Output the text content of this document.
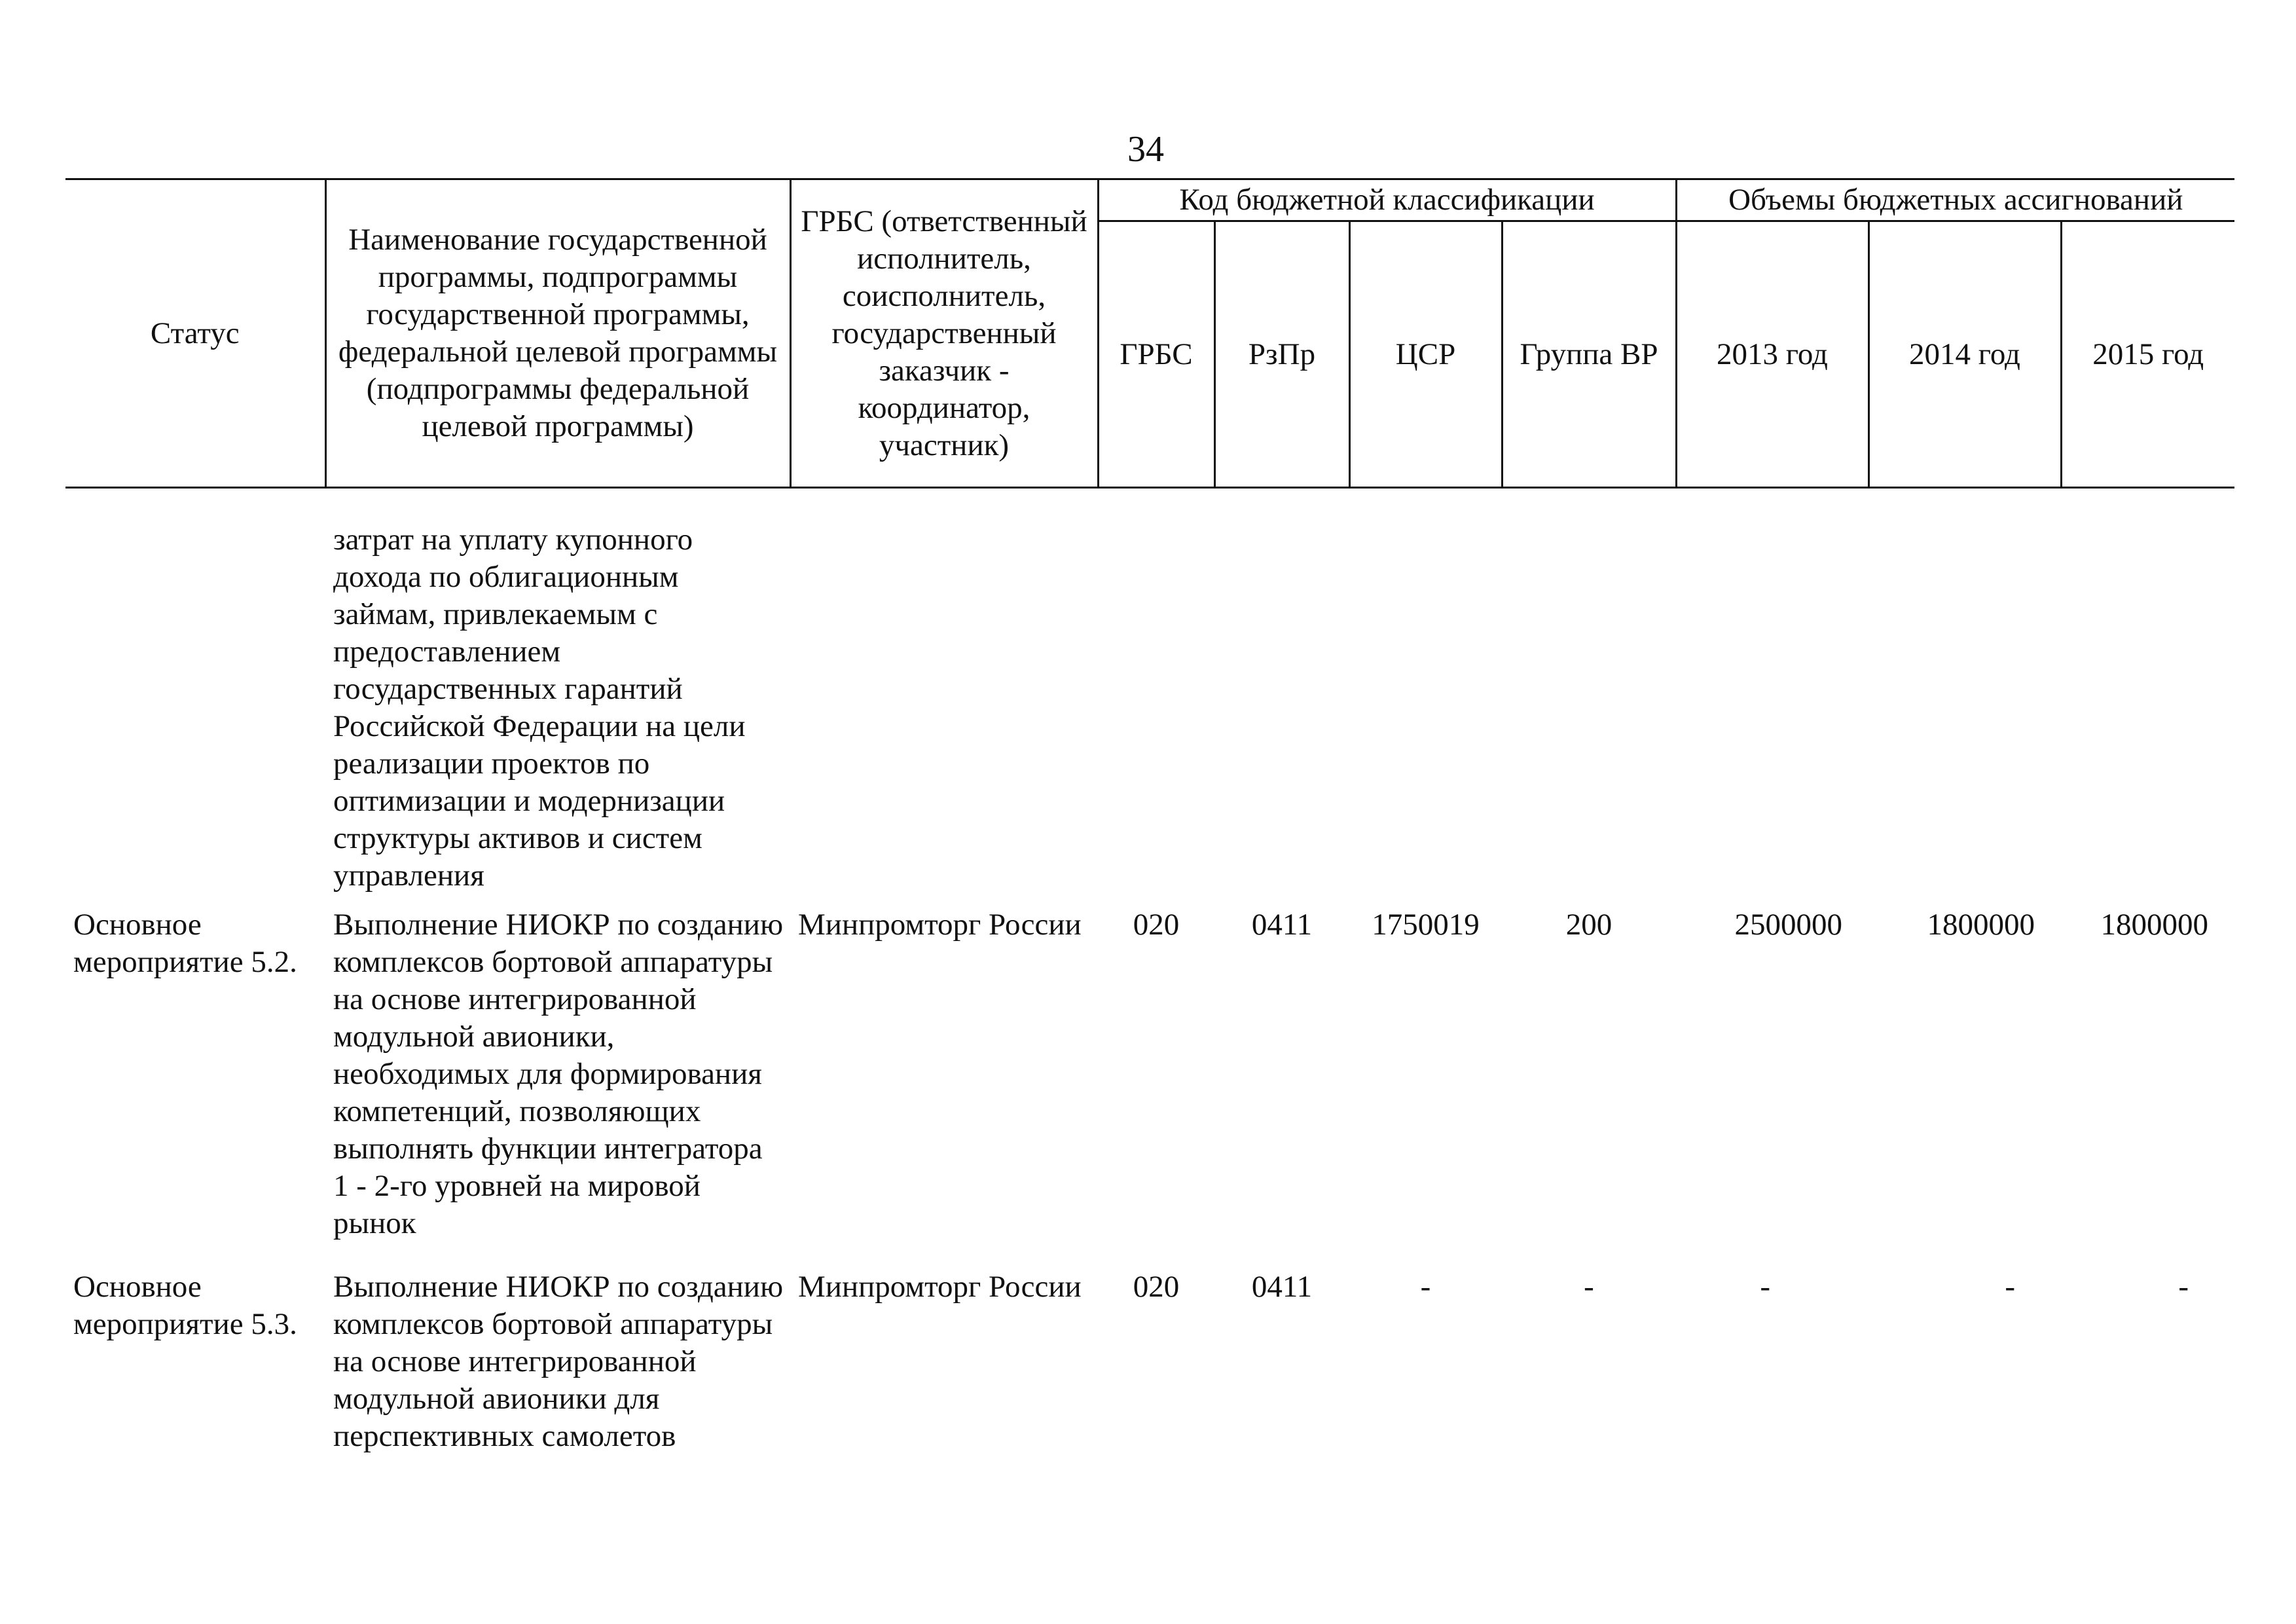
34
Статус	Наименование государственной программы, подпрограммы государственной программы, федеральной целевой программы (подпрограммы федеральной целевой программы)	ГРБС (ответственный исполнитель, соисполнитель, государственный заказчик - координатор, участник)	Код бюджетной классификации				Объемы бюджетных ассигнований		
			ГРБС	РзПр	ЦСР	Группа ВР	2013 год	2014 год	2015 год
	затрат на уплату купонного дохода по облигационным займам, привлекаемым с предоставлением государственных гарантий Российской Федерации на цели реализации проектов по оптимизации и модернизации структуры активов и систем управления								
Основное мероприятие 5.2.	Выполнение НИОКР по созданию комплексов бортовой аппаратуры на основе интегрированной модульной авионики, необходимых для формирования компетенций, позволяющих выполнять функции интегратора 1 - 2-го уровней на мировой рынок	Минпромторг России	020	0411	1750019	200	2500000	1800000	1800000
Основное мероприятие 5.3.	Выполнение НИОКР по созданию комплексов бортовой аппаратуры на основе интегрированной модульной авионики для перспективных самолетов	Минпромторг России	020	0411	-	-	-	-	-
